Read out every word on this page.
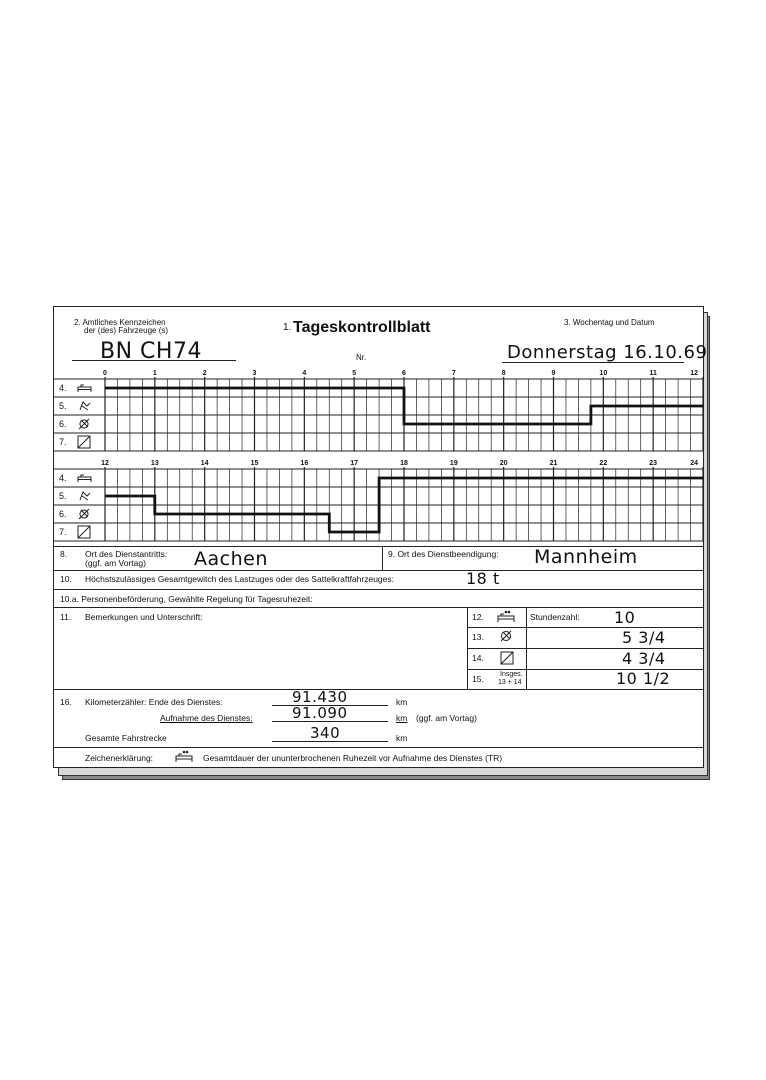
2. Amtliches Kennzeichen
der (des) Fahrzeuge (s)	1. Tageskontrollblatt	3. Wochentag und Datum
BN CH74	Nr.	Donnerstag 16.10.69
0	1	2	3	4	5	6	7	8	9	10	11	12
4.
5.
6.
7.
12	13	14	15	16	17	18	19	20	21	22	23	24
4.
5.
6.
7.
8. Ort des Dienstantritts:
(ggf. am Vortag)	Aachen	9. Ort des Dienstbeendigung: Mannheim
10. Höchstszulässiges Gesamtgewitch des Lastzuges oder des Sattelkraftfahrzeuges:	18 t
10.a. Personenbeförderung, Gewählte Regelung für Tagesruhezeit:
11. Bemerkungen und Unterschrift:	12.	Stundenzahl: 10
13.	5 3/4
14.	4 3/4
15. Insges.
13 + 14	10 1/2
16. Kilometerzähler: Ende des Dienstes:	91.430	km
Aufnahme des Dienstes:	91.090	km (ggf. am Vortag)
Gesamte Fahrstrecke	340	km
Zeichenerklärung:	Gesamtdauer der ununterbrochenen Ruhezeit vor Aufnahme des Dienstes (TR)
